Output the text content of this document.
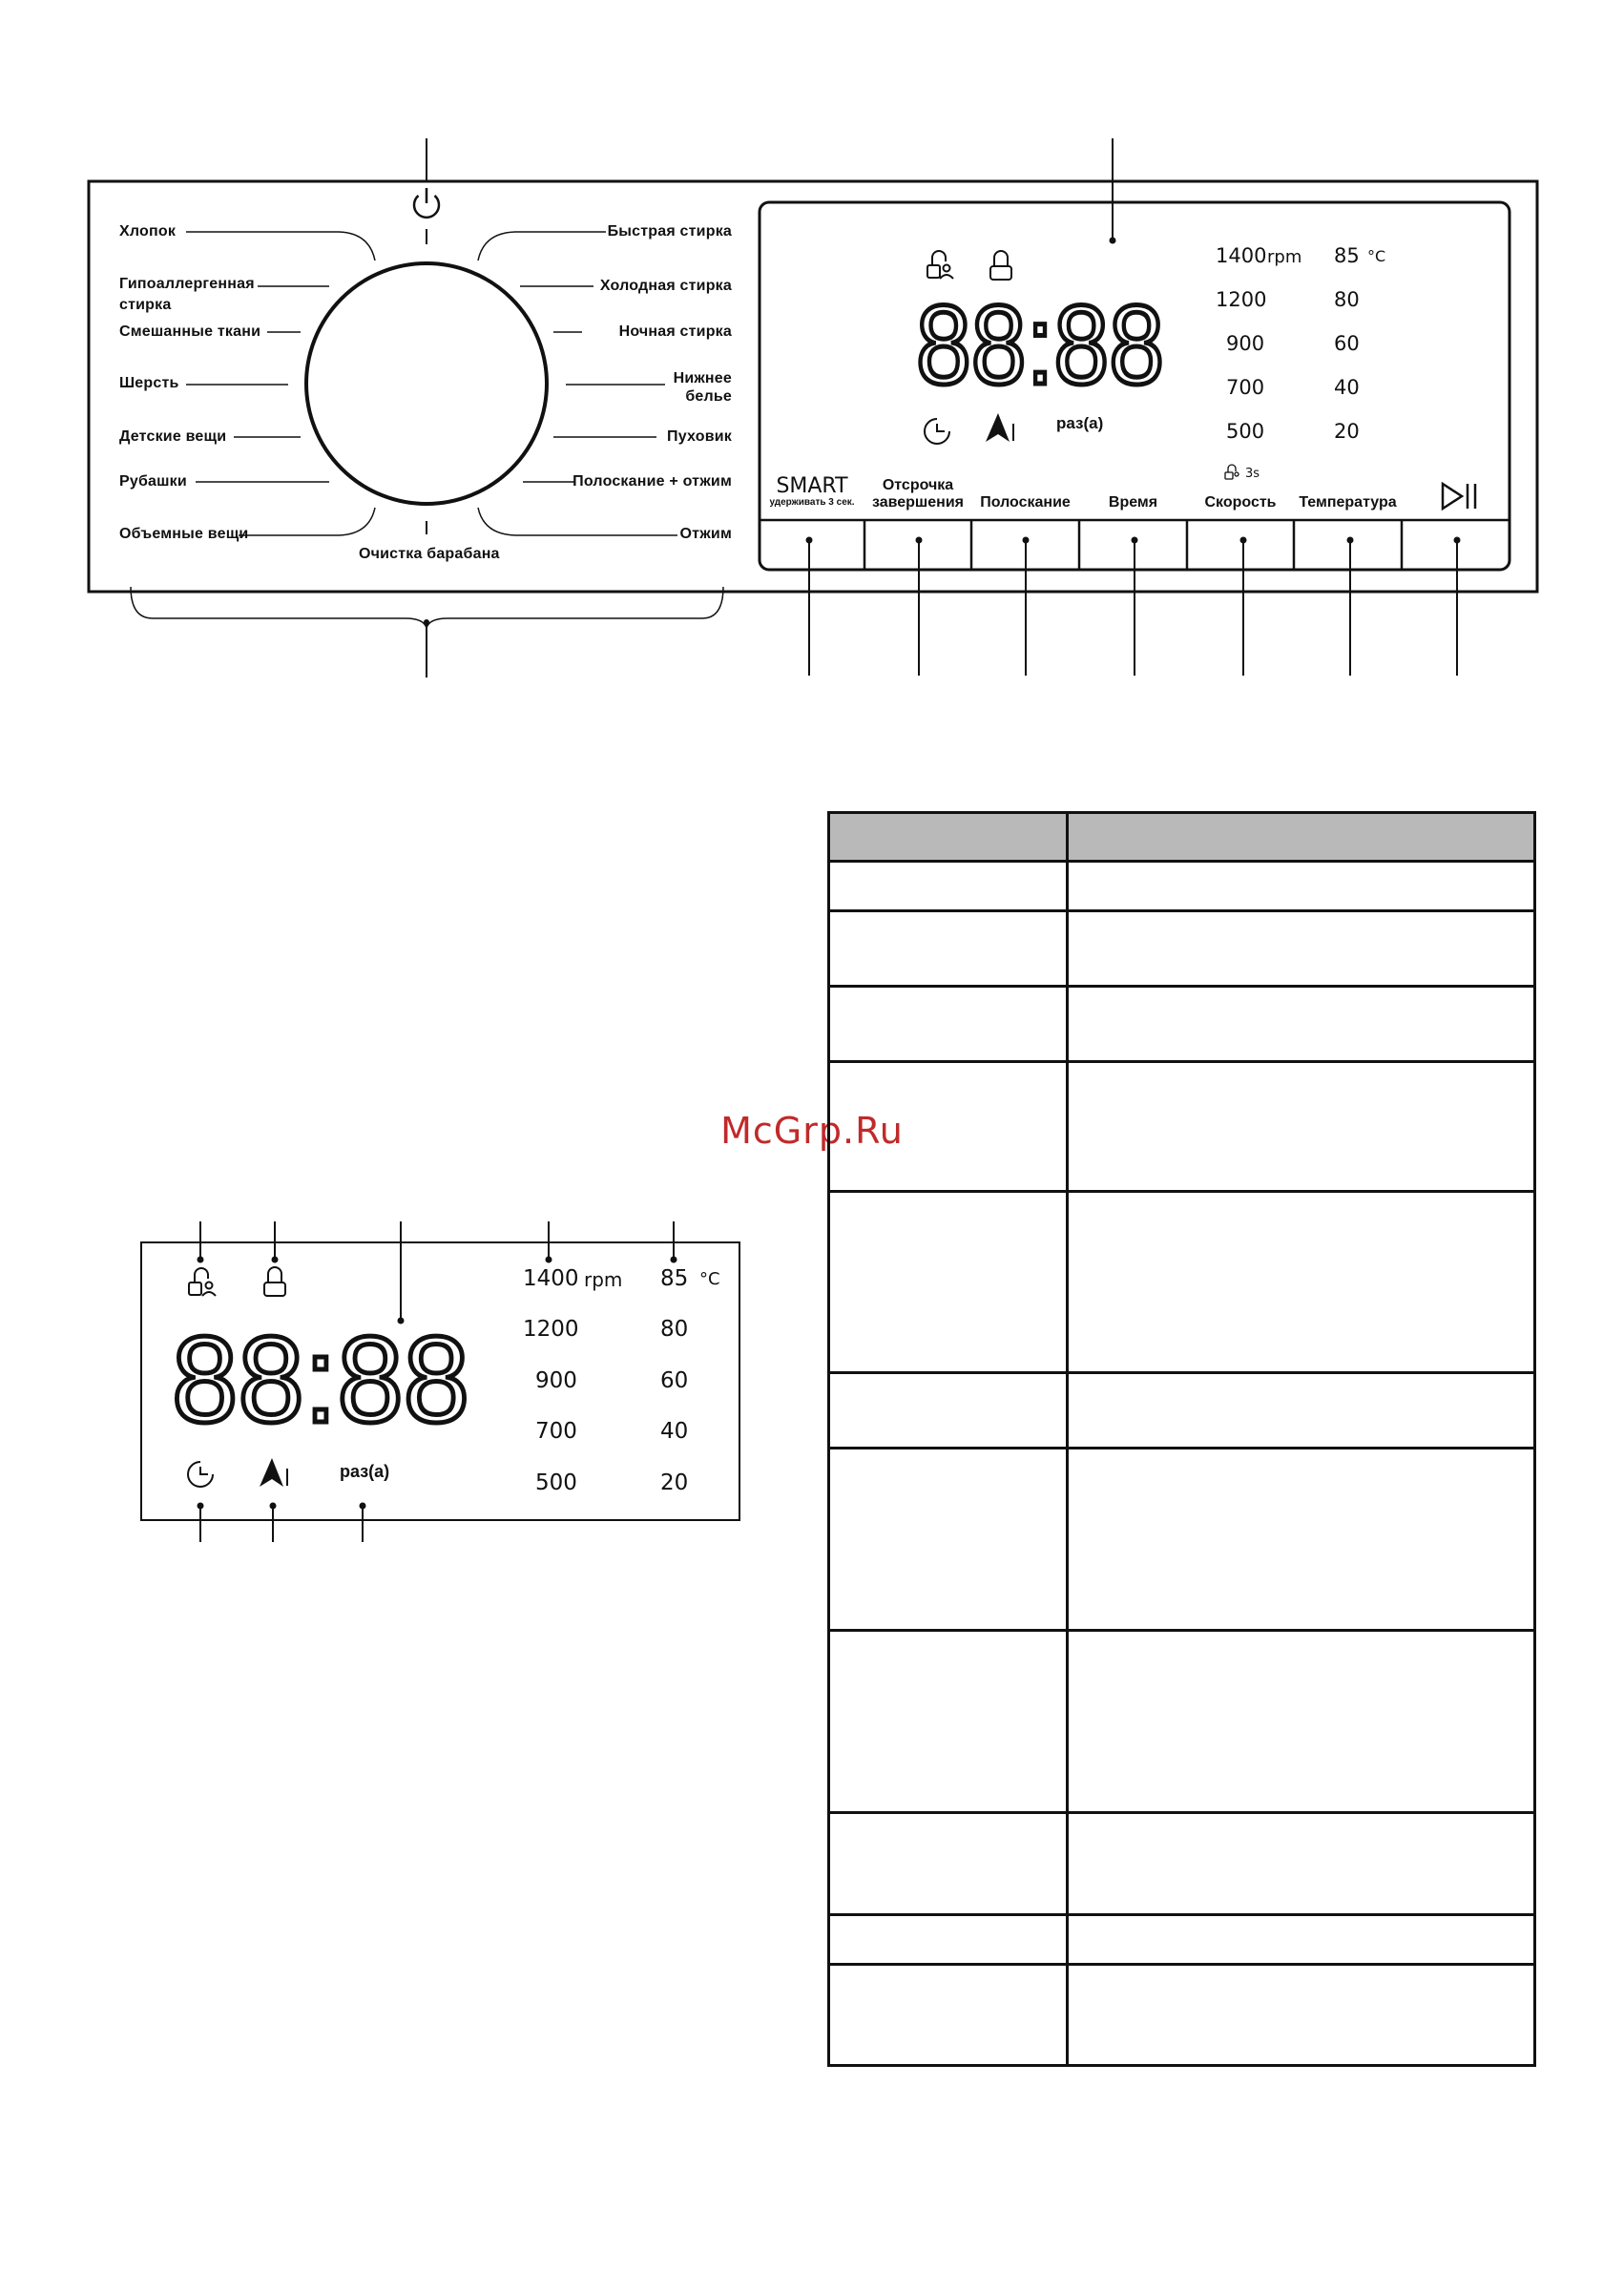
88:88
Хлопок
Гипоаллергенная
стирка
Смешанные ткани
Шерсть
Детские вещи
Рубашки
Объемные вещи
Быстрая стирка
Холодная стирка
Ночная стирка
Нижнее
белье
Пуховик
Полоскание + отжим
Отжим
Очистка барабана
раз(а)
1400 rpm
1200
900
700
500
85 °C
80
60
40
20
3s
SMART
удерживать 3 сек.
Отсрочка
завершения	Полоскание	Время	Скорость	Температура
88:88
раз(а)
1400 rpm
1200
900
700
500
85 °C
80
60
40
20
McGrp.Ru
